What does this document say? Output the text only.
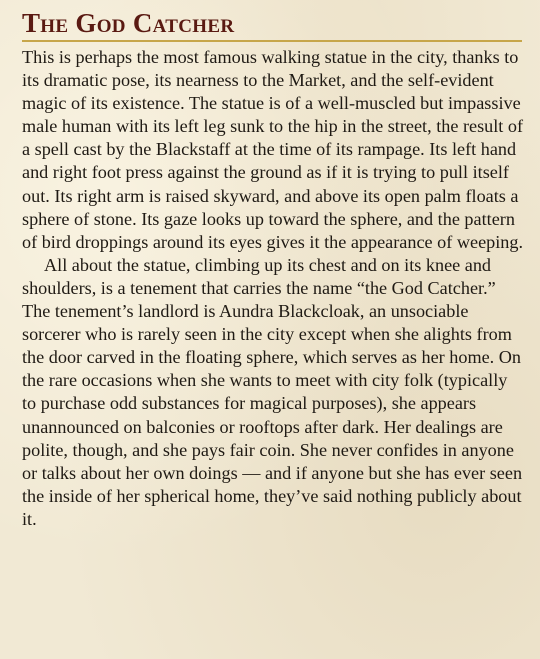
The God Catcher

This is perhaps the most famous walking statue in the city, thanks to its dramatic pose, its nearness to the Market, and the self-evident magic of its existence. The statue is of a well-muscled but impassive male human with its left leg sunk to the hip in the street, the result of a spell cast by the Blackstaff at the time of its rampage. Its left hand and right foot press against the ground as if it is trying to pull itself out. Its right arm is raised skyward, and above its open palm floats a sphere of stone. Its gaze looks up toward the sphere, and the pattern of bird droppings around its eyes gives it the appearance of weeping.

All about the statue, climbing up its chest and on its knee and shoulders, is a tenement that carries the name “the God Catcher.” The tenement’s landlord is Aundra Blackcloak, an unsociable sorcerer who is rarely seen in the city except when she alights from the door carved in the floating sphere, which serves as her home. On the rare occasions when she wants to meet with city folk (typically to purchase odd substances for magical purposes), she appears unannounced on balconies or rooftops after dark. Her dealings are polite, though, and she pays fair coin. She never confides in anyone or talks about her own doings — and if anyone but she has ever seen the inside of her spherical home, they’ve said nothing publicly about it.
